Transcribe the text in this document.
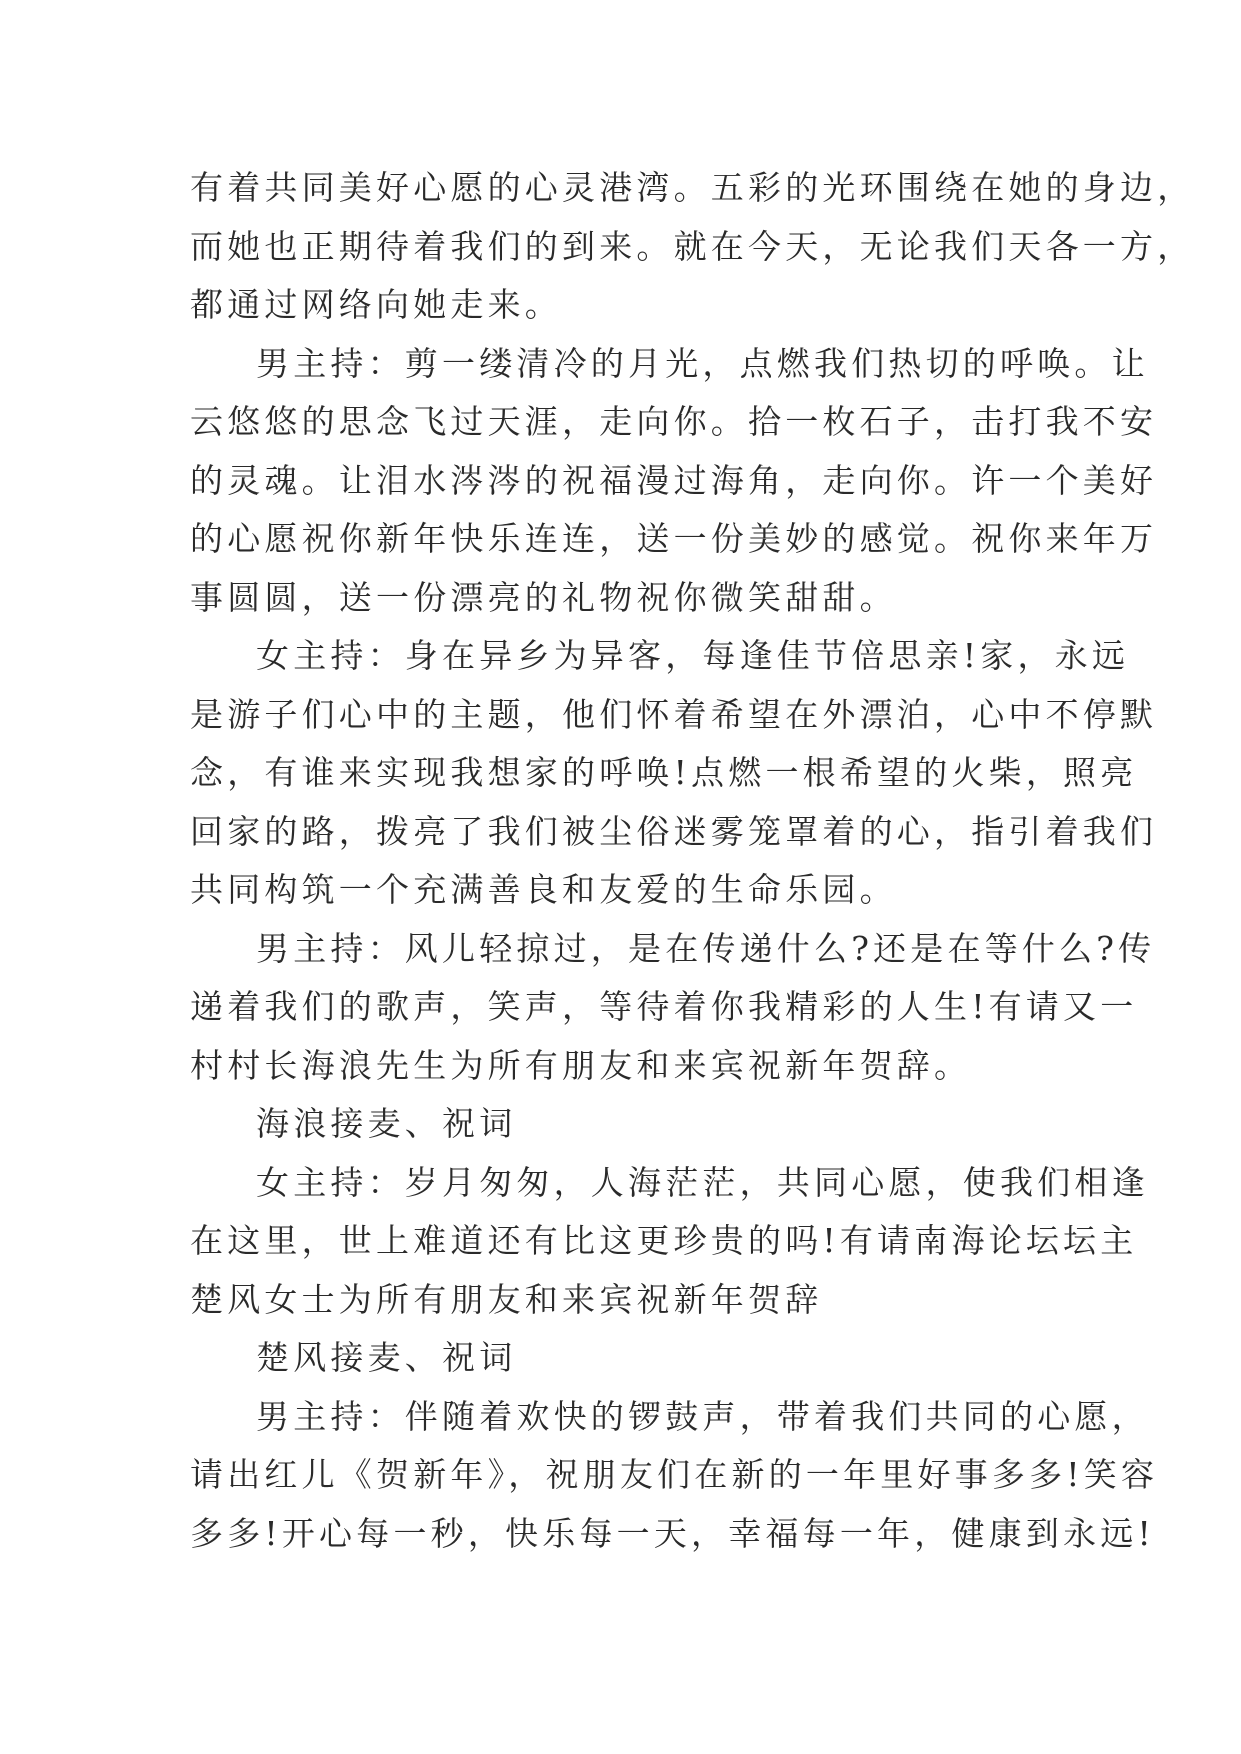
有着共同美好心愿的心灵港湾。五彩的光环围绕在她的身边，
而她也正期待着我们的到来。就在今天，无论我们天各一方，
都通过网络向她走来。
男主持：剪一缕清冷的月光，点燃我们热切的呼唤。让
云悠悠的思念飞过天涯，走向你。拾一枚石子，击打我不安
的灵魂。让泪水涔涔的祝福漫过海角，走向你。许一个美好
的心愿祝你新年快乐连连，送一份美妙的感觉。祝你来年万
事圆圆，送一份漂亮的礼物祝你微笑甜甜。
女主持：身在异乡为异客，每逢佳节倍思亲!家，永远
是游子们心中的主题，他们怀着希望在外漂泊，心中不停默
念，有谁来实现我想家的呼唤!点燃一根希望的火柴，照亮
回家的路，拨亮了我们被尘俗迷雾笼罩着的心，指引着我们
共同构筑一个充满善良和友爱的生命乐园。
男主持：风儿轻掠过，是在传递什么?还是在等什么?传
递着我们的歌声，笑声，等待着你我精彩的人生!有请又一
村村长海浪先生为所有朋友和来宾祝新年贺辞。
海浪接麦、祝词
女主持：岁月匆匆，人海茫茫，共同心愿，使我们相逢
在这里，世上难道还有比这更珍贵的吗!有请南海论坛坛主
楚风女士为所有朋友和来宾祝新年贺辞
楚风接麦、祝词
男主持：伴随着欢快的锣鼓声，带着我们共同的心愿，
请出红儿《贺新年》，祝朋友们在新的一年里好事多多!笑容
多多!开心每一秒，快乐每一天，幸福每一年，健康到永远!
